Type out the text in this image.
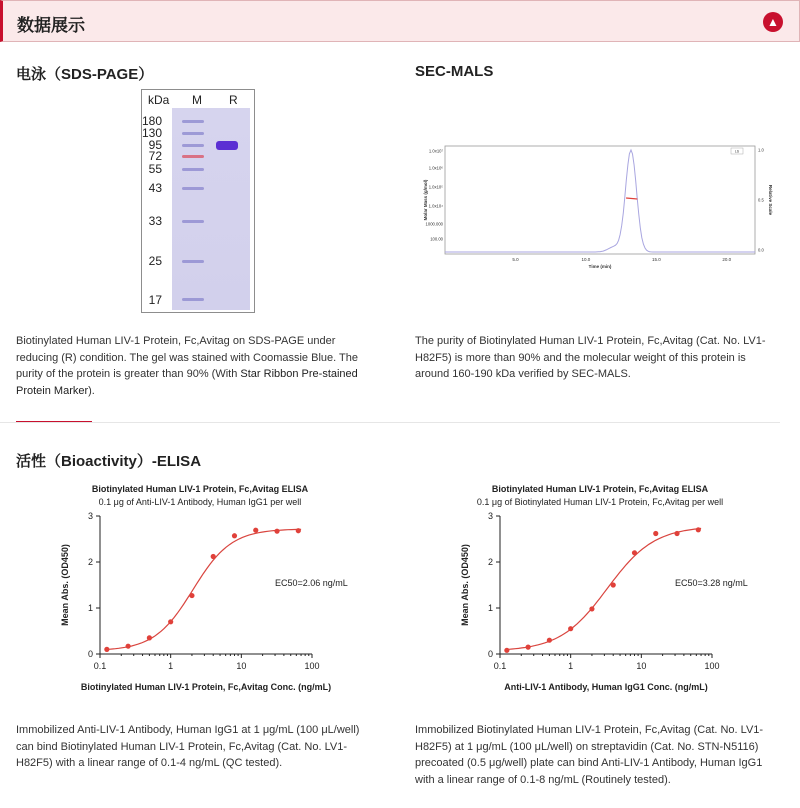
数据展示	▲
电泳（SDS-PAGE）
kDa M R
180
130
95
72
55
43
33
25
17
Biotinylated Human LIV-1 Protein, Fc,Avitag on SDS-PAGE under reducing (R) condition. The gel was stained with Coomassie Blue. The purity of the protein is greater than 90% (With Star Ribbon Pre-stained Protein Marker).
SEC-MALS
5.0	10.0	15.0	20.0
100.00
1000.000
1.0x10⁴
1.0x10⁵
1.0x10⁶
1.0x10⁷	1.0
0.5
0.0
Time (min)
Molar Mass (g/mol)	Relative Scale
LS
The purity of Biotinylated Human LIV-1 Protein, Fc,Avitag (Cat. No. LV1-H82F5) is more than 90% and the molecular weight of this protein is around 160-190 kDa verified by SEC-MALS.
活性（Bioactivity）-ELISA
Biotinylated Human LIV-1 Protein, Fc,Avitag ELISA
0.1 μg of Anti-LIV-1 Antibody, Human IgG1 per well
0
1
2
3
0.1	1	10	100
EC50=2.06 ng/mL
Biotinylated Human LIV-1 Protein, Fc,Avitag Conc. (ng/mL)
Mean Abs. (OD450)
Biotinylated Human LIV-1 Protein, Fc,Avitag ELISA
0.1 μg of Biotinylated Human LIV-1 Protein, Fc,Avitag per well
0
1
2
3
0.1	1	10	100
EC50=3.28 ng/mL
Anti-LIV-1 Antibody, Human IgG1 Conc. (ng/mL)
Mean Abs. (OD450)
Immobilized Anti-LIV-1 Antibody, Human IgG1 at 1 μg/mL (100 μL/well) can bind Biotinylated Human LIV-1 Protein, Fc,Avitag (Cat. No. LV1-H82F5) with a linear range of 0.1-4 ng/mL (QC tested).
Immobilized Biotinylated Human LIV-1 Protein, Fc,Avitag (Cat. No. LV1-H82F5) at 1 μg/mL (100 μL/well) on streptavidin (Cat. No. STN-N5116) precoated (0.5 μg/well) plate can bind Anti-LIV-1 Antibody, Human IgG1 with a linear range of 0.1-8 ng/mL (Routinely tested).
